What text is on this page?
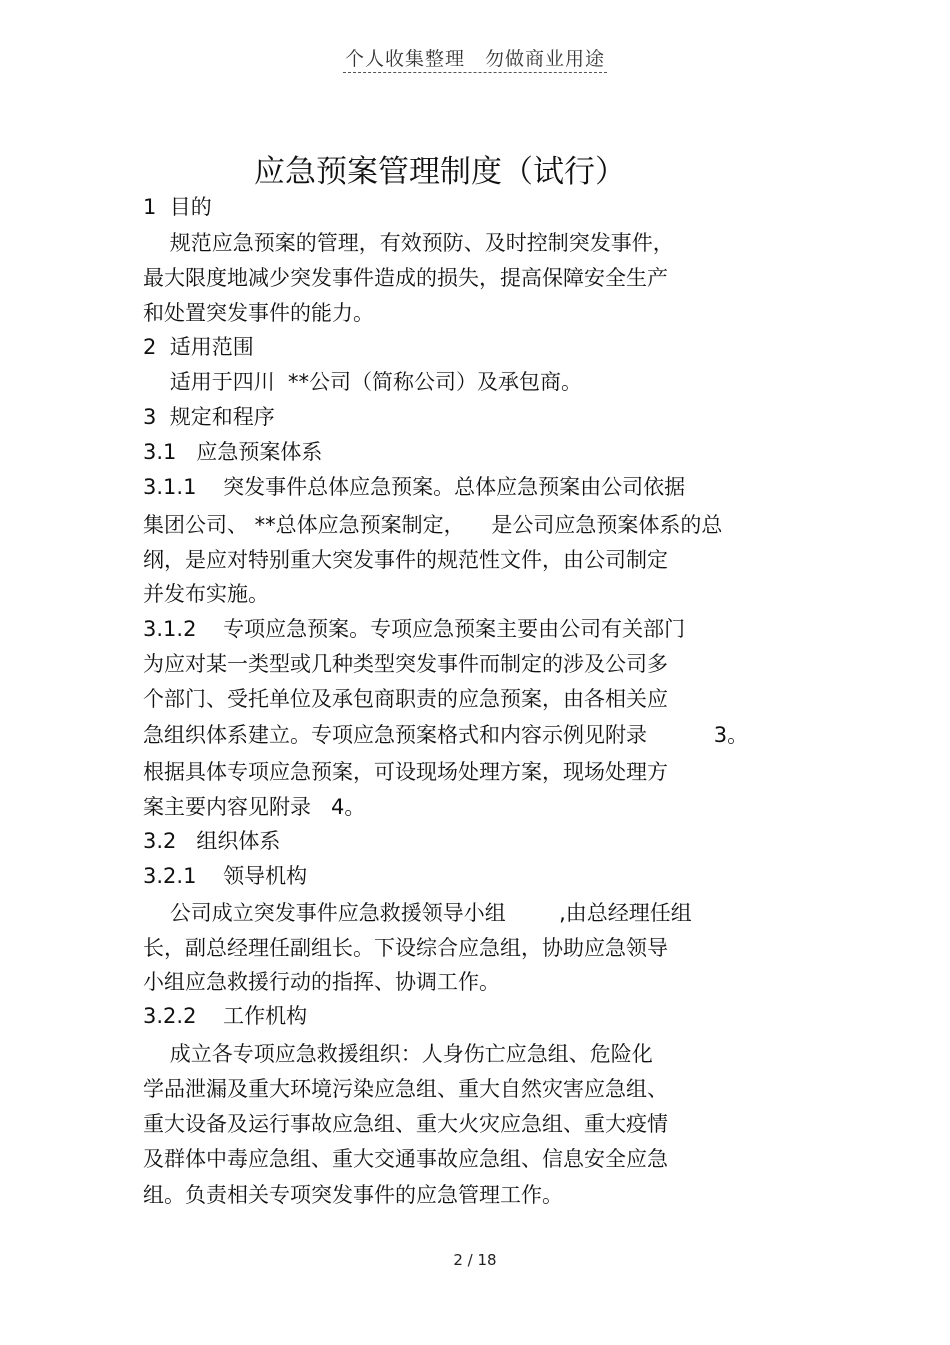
个人收集整理　勿做商业用途
应急预案管理制度（试行）
1  目的
规范应急预案的管理，有效预防、及时控制突发事件，
最大限度地减少突发事件造成的损失，提高保障安全生产
和处置突发事件的能力。
2  适用范围
适用于四川  **公司（简称公司）及承包商。
3  规定和程序
3.1   应急预案体系
3.1.1    突发事件总体应急预案。总体应急预案由公司依据
集团公司、 **总体应急预案制定，    是公司应急预案体系的总
纲，是应对特别重大突发事件的规范性文件，由公司制定
并发布实施。
3.1.2    专项应急预案。专项应急预案主要由公司有关部门
为应对某一类型或几种类型突发事件而制定的涉及公司多
个部门、受托单位及承包商职责的应急预案，由各相关应
急组织体系建立。专项应急预案格式和内容示例见附录          3。
根据具体专项应急预案，可设现场处理方案，现场处理方
案主要内容见附录   4。
3.2   组织体系
3.2.1    领导机构
公司成立突发事件应急救援领导小组        ,由总经理任组
长，副总经理任副组长。下设综合应急组，协助应急领导
小组应急救援行动的指挥、协调工作。
3.2.2    工作机构
成立各专项应急救援组织：人身伤亡应急组、危险化
学品泄漏及重大环境污染应急组、重大自然灾害应急组、
重大设备及运行事故应急组、重大火灾应急组、重大疫情
及群体中毒应急组、重大交通事故应急组、信息安全应急
组。负责相关专项突发事件的应急管理工作。
2 / 18
